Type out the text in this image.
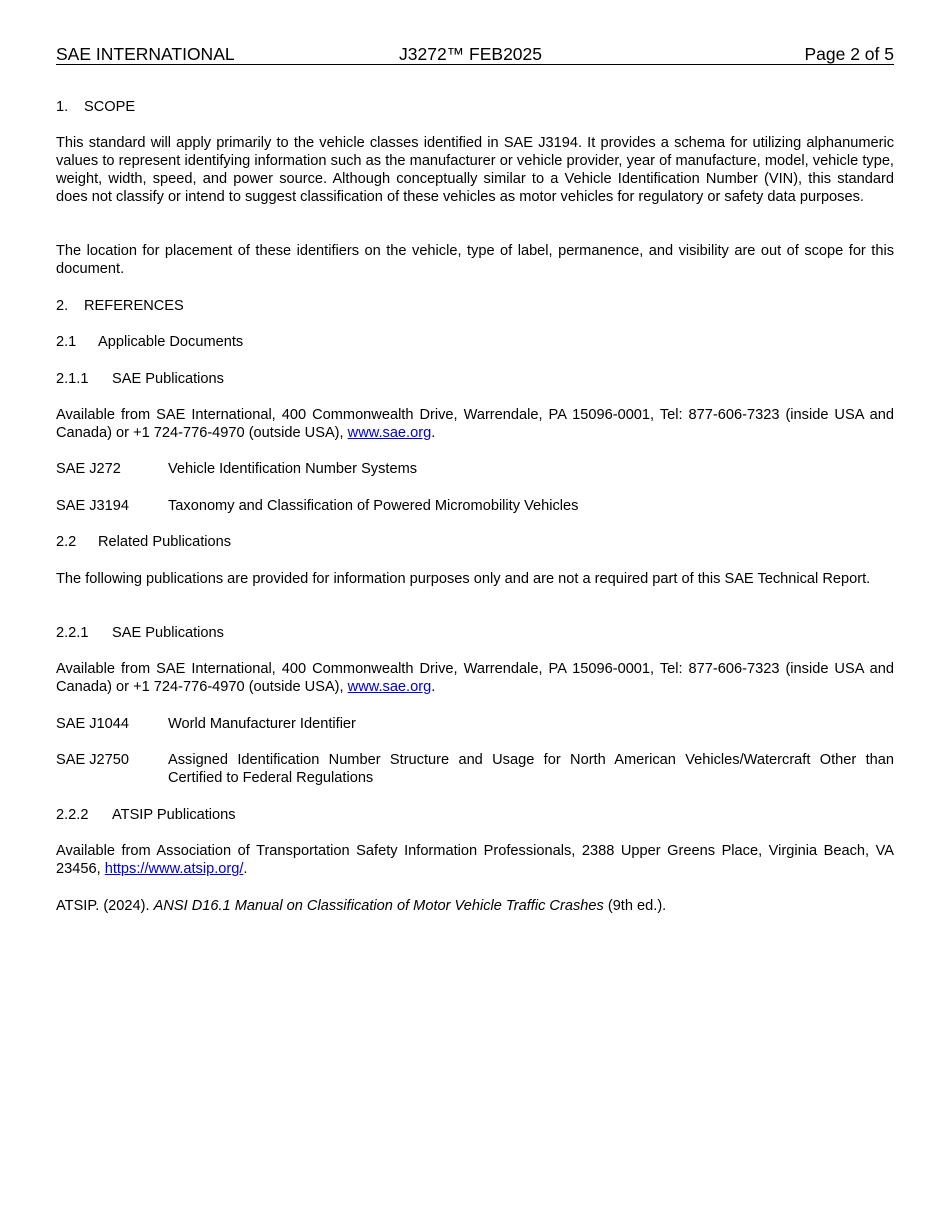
SAE INTERNATIONAL	J3272™ FEB2025	Page 2 of 5
1. SCOPE
This standard will apply primarily to the vehicle classes identified in SAE J3194. It provides a schema for utilizing alphanumeric values to represent identifying information such as the manufacturer or vehicle provider, year of manufacture, model, vehicle type, weight, width, speed, and power source. Although conceptually similar to a Vehicle Identification Number (VIN), this standard does not classify or intend to suggest classification of these vehicles as motor vehicles for regulatory or safety data purposes.
The location for placement of these identifiers on the vehicle, type of label, permanence, and visibility are out of scope for this document.
2. REFERENCES
2.1 Applicable Documents
2.1.1 SAE Publications
Available from SAE International, 400 Commonwealth Drive, Warrendale, PA 15096-0001, Tel: 877-606-7323 (inside USA and Canada) or +1 724-776-4970 (outside USA), www.sae.org.
SAE J272	Vehicle Identification Number Systems
SAE J3194	Taxonomy and Classification of Powered Micromobility Vehicles
2.2 Related Publications
The following publications are provided for information purposes only and are not a required part of this SAE Technical Report.
2.2.1 SAE Publications
Available from SAE International, 400 Commonwealth Drive, Warrendale, PA 15096-0001, Tel: 877-606-7323 (inside USA and Canada) or +1 724-776-4970 (outside USA), www.sae.org.
SAE J1044	World Manufacturer Identifier
SAE J2750	Assigned Identification Number Structure and Usage for North American Vehicles/Watercraft Other than Certified to Federal Regulations
2.2.2 ATSIP Publications
Available from Association of Transportation Safety Information Professionals, 2388 Upper Greens Place, Virginia Beach, VA 23456, https://www.atsip.org/.
ATSIP. (2024). ANSI D16.1 Manual on Classification of Motor Vehicle Traffic Crashes (9th ed.).
